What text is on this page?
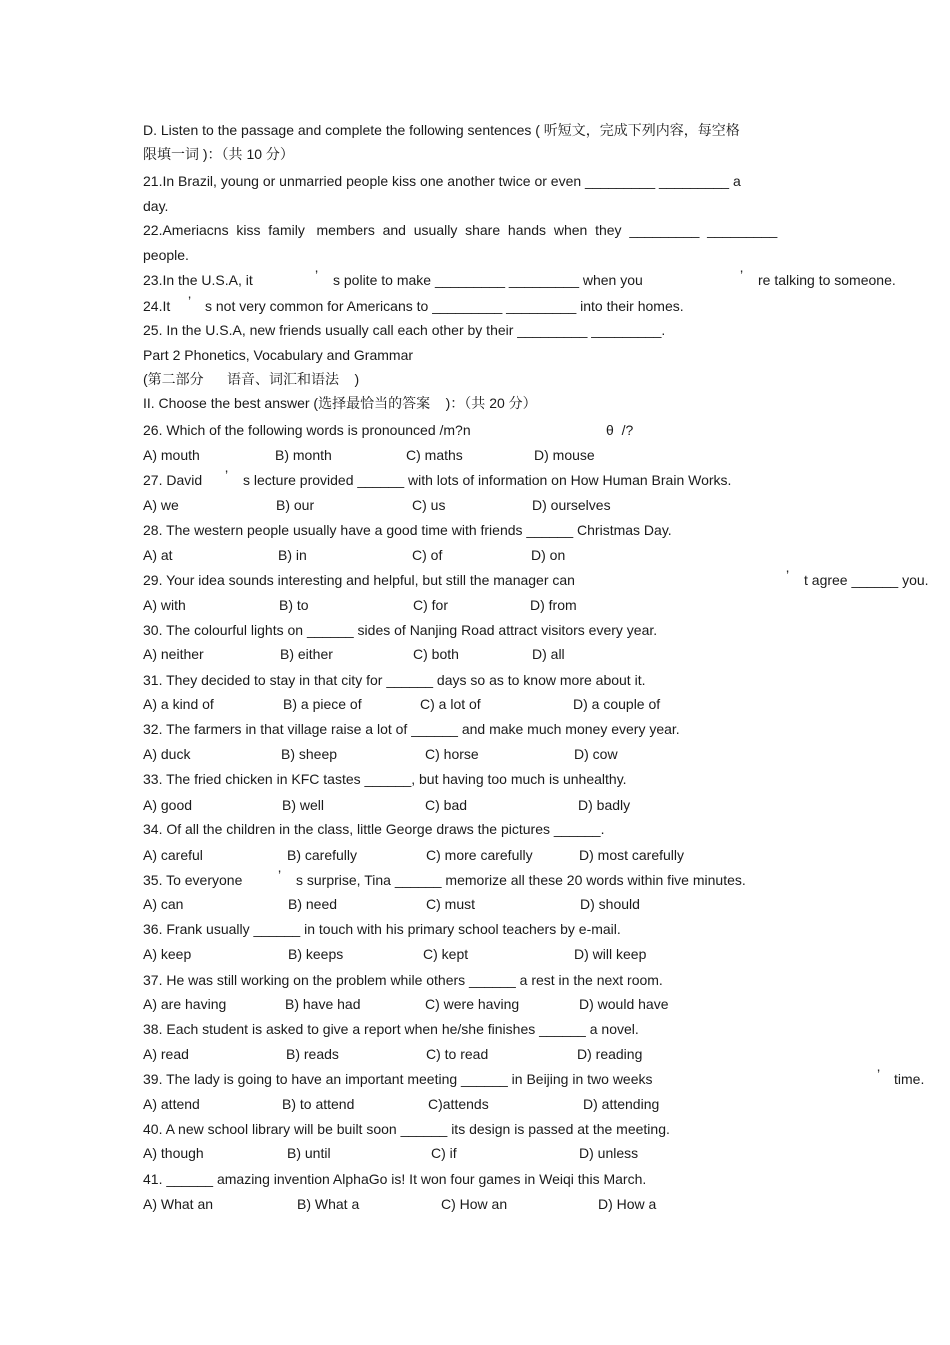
D. Listen to the passage and complete the following sentences ( 听短文，完成下列内容，每空格
限填一词 )：（共 10 分）
21.In Brazil, young or unmarried people kiss one another twice or even _________ _________ a
day.
22.Ameriacns  kiss  family   members  and  usually  share  hands  when  they  _________  _________
people.
23.In the U.S.A, it	’ s polite to make _________ _________ when you	’ re talking to someone.
24.It ’ s not very common for Americans to _________ _________ into their homes.
25. In the U.S.A, new friends usually call each other by their _________ _________.
Part 2 Phonetics, Vocabulary and Grammar
(第二部分      语音、词汇和语法    )
II. Choose the best answer (选择最恰当的答案    )：（共 20 分）
26. Which of the following words is pronounced /m?n	θ  /?
A) mouth	B) month	C) maths	D) mouse
27. David ’ s lecture provided ______ with lots of information on How Human Brain Works.
A) we	B) our	C) us	D) ourselves
28. The western people usually have a good time with friends ______ Christmas Day.
A) at	B) in	C) of	D) on
29. Your idea sounds interesting and helpful, but still the manager can	’ t agree ______ you.
A) with	B) to	C) for	D) from
30. The colourful lights on ______ sides of Nanjing Road attract visitors every year.
A) neither	B) either	C) both	D) all
31. They decided to stay in that city for ______ days so as to know more about it.
A) a kind of	B) a piece of	C) a lot of	D) a couple of
32. The farmers in that village raise a lot of ______ and make much money every year.
A) duck	B) sheep	C) horse	D) cow
33. The fried chicken in KFC tastes ______, but having too much is unhealthy.
A) good	B) well	C) bad	D) badly
34. Of all the children in the class, little George draws the pictures ______.
A) careful	B) carefully	C) more carefully	D) most carefully
35. To everyone	’ s surprise, Tina ______ memorize all these 20 words within five minutes.
A) can	B) need	C) must	D) should
36. Frank usually ______ in touch with his primary school teachers by e-mail.
A) keep	B) keeps	C) kept	D) will keep
37. He was still working on the problem while others ______ a rest in the next room.
A) are having	B) have had	C) were having	D) would have
38. Each student is asked to give a report when he/she finishes ______ a novel.
A) read	B) reads	C) to read	D) reading
39. The lady is going to have an important meeting ______ in Beijing in two weeks	’ time.
A) attend	B) to attend	C)attends	D) attending
40. A new school library will be built soon ______ its design is passed at the meeting.
A) though	B) until	C) if	D) unless
41. ______ amazing invention AlphaGo is! It won four games in Weiqi this March.
A) What an	B) What a	C) How an	D) How a
